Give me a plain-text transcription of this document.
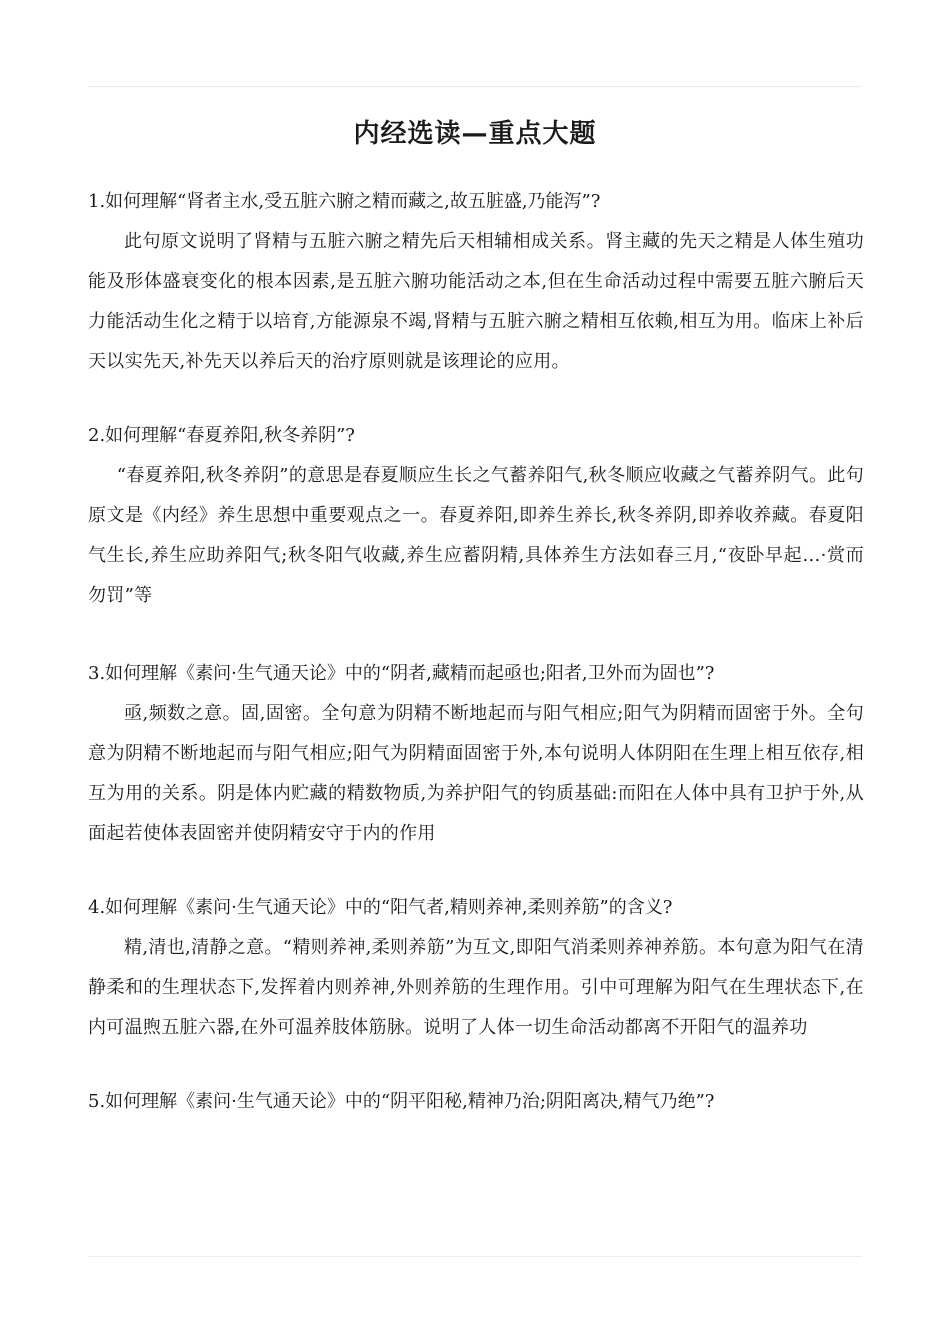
内经选读—重点大题
1.如何理解“肾者主水,受五脏六腑之精而藏之,故五脏盛,乃能泻”?

此句原文说明了肾精与五脏六腑之精先后天相辅相成关系。肾主藏的先天之精是人体生殖功能及形体盛衰变化的根本因素,是五脏六腑功能活动之本,但在生命活动过程中需要五脏六腑后天力能活动生化之精于以培育,方能源泉不竭,肾精与五脏六腑之精相互依赖,相互为用。临床上补后天以实先天,补先天以养后天的治疗原则就是该理论的应用。

2.如何理解“春夏养阳,秋冬养阴”?

“春夏养阳,秋冬养阴”的意思是春夏顺应生长之气蓄养阳气,秋冬顺应收藏之气蓄养阴气。此句原文是《内经》养生思想中重要观点之一。春夏养阳,即养生养长,秋冬养阴,即养收养藏。春夏阳气生长,养生应助养阳气;秋冬阳气收藏,养生应蓄阴精,具体养生方法如春三月,“夜卧早起…·赏而勿罚”等

3.如何理解《素问·生气通天论》中的“阴者,藏精而起亟也;阳者,卫外而为固也”?

亟,频数之意。固,固密。全句意为阴精不断地起而与阳气相应;阳气为阴精而固密于外。全句意为阴精不断地起而与阳气相应;阳气为阴精面固密于外,本句说明人体阴阳在生理上相互依存,相互为用的关系。阴是体内贮藏的精数物质,为养护阳气的钧质基础:而阳在人体中具有卫护于外,从面起若使体表固密并使阴精安守于内的作用

4.如何理解《素问·生气通天论》中的“阳气者,精则养神,柔则养筋”的含义?

精,清也,清静之意。“精则养神,柔则养筋”为互文,即阳气消柔则养神养筋。本句意为阳气在清静柔和的生理状态下,发挥着内则养神,外则养筋的生理作用。引中可理解为阳气在生理状态下,在内可温煦五脏六器,在外可温养肢体筋脉。说明了人体一切生命活动都离不开阳气的温养功

5.如何理解《素问·生气通天论》中的“阴平阳秘,精神乃治;阴阳离决,精气乃绝”?
